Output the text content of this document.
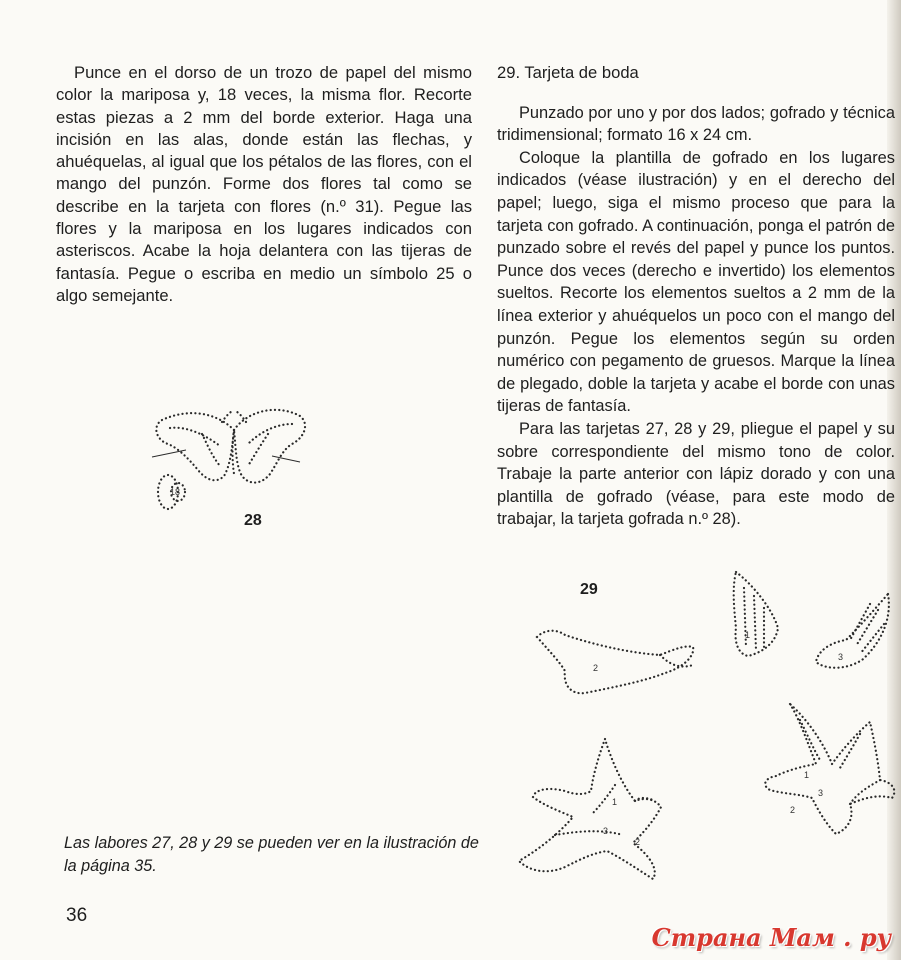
Punce en el dorso de un trozo de papel del mismo color la mariposa y, 18 veces, la misma flor. Recorte estas piezas a 2 mm del borde exterior. Haga una incisión en las alas, donde están las flechas, y ahuéquelas, al igual que los pétalos de las flores, con el mango del punzón. Forme dos flores tal como se describe en la tarjeta con flores (n.º 31). Pegue las flores y la mariposa en los lugares indicados con asteriscos. Acabe la hoja delantera con las tijeras de fantasía. Pegue o escriba en medio un símbolo 25 o algo semejante.

18
28
29. Tarjeta de boda

Punzado por uno y por dos lados; gofrado y técnica tridimensional; formato 16 x 24 cm.

Coloque la plantilla de gofrado en los lugares indicados (véase ilustración) y en el derecho del papel; luego, siga el mismo proceso que para la tarjeta con gofrado. A continuación, ponga el patrón de punzado sobre el revés del papel y punce los puntos. Punce dos veces (derecho e invertido) los elementos sueltos. Recorte los elementos sueltos a 2 mm de la línea exterior y ahuéquelos un poco con el mango del punzón. Pegue los elementos según su orden numérico con pegamento de gruesos. Marque la línea de plegado, doble la tarjeta y acabe el borde con unas tijeras de fantasía.

Para las tarjetas 27, 28 y 29, pliegue el papel y su sobre correspondiente del mismo tono de color. Trabaje la parte anterior con lápiz dorado y con una plantilla de gofrado (véase, para este modo de trabajar, la tarjeta gofrada n.º 28).

29
2
1
3
1
3
2
1
3
2
Las labores 27, 28 y 29 se pueden ver en la ilustración de la página 35.
36
Страна Мам . ру
